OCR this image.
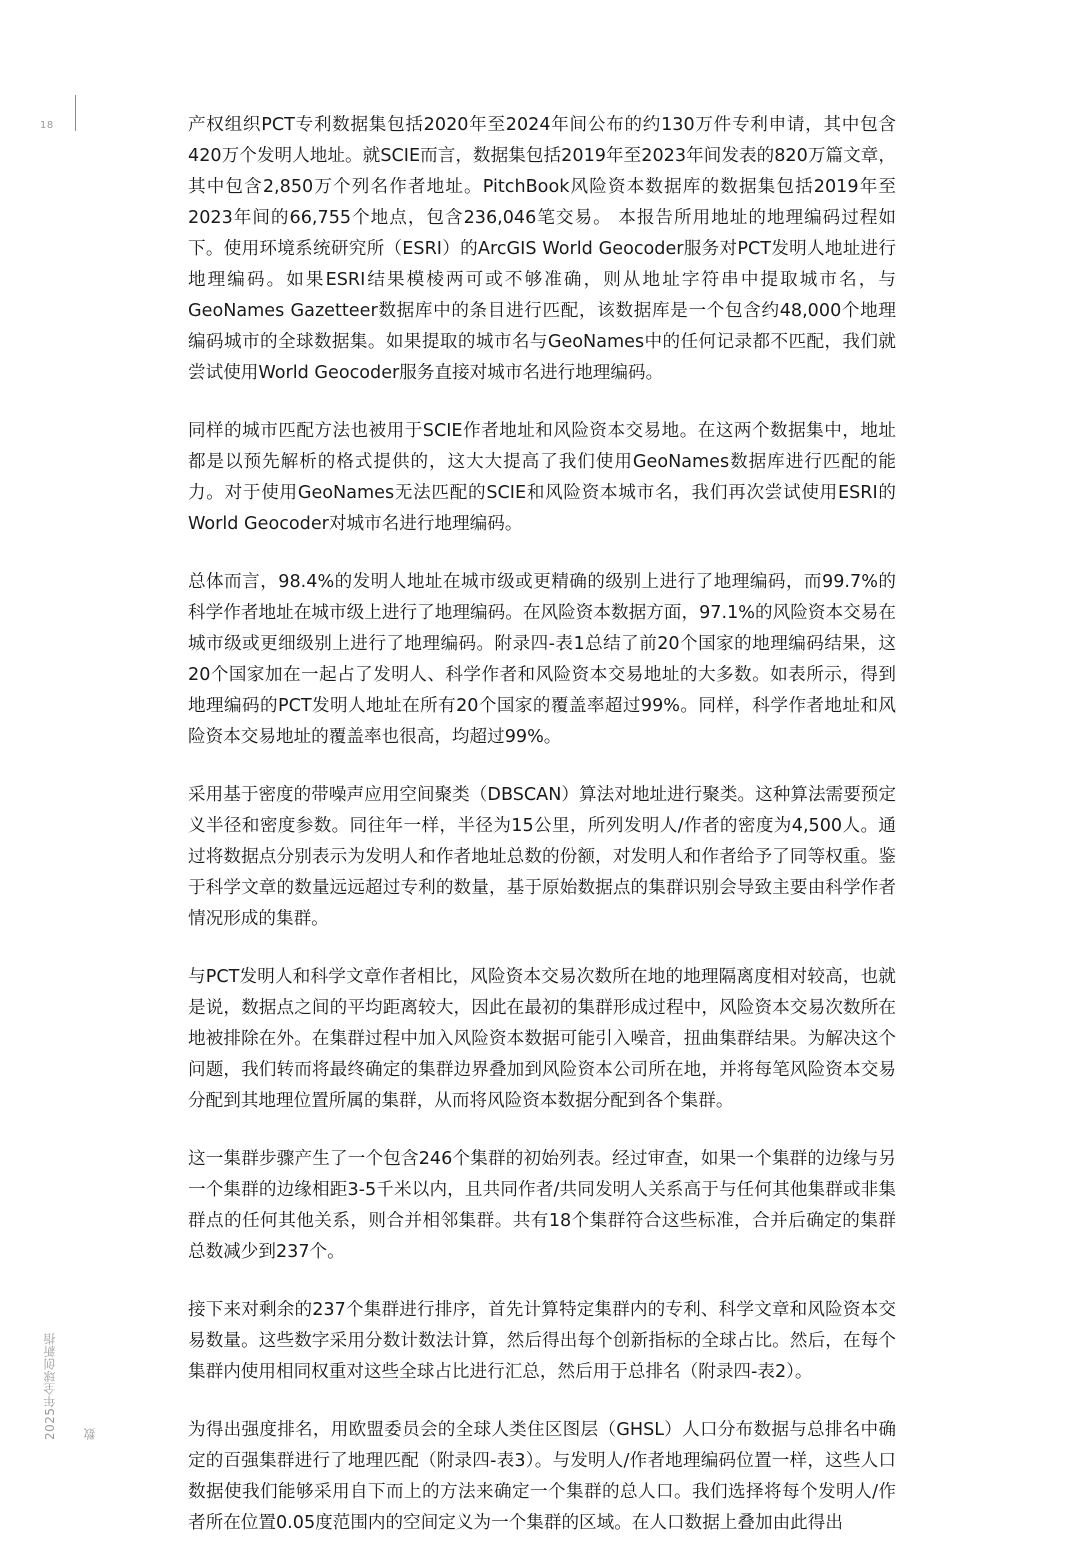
18
2025年全球创新指数

产权组织PCT专利数据集包括2020年至2024年间公布的约130万件专利申请，其中包含420万个发明人地址。就SCIE而言，数据集包括2019年至2023年间发表的820万篇文章，其中包含2,850万个列名作者地址。PitchBook风险资本数据库的数据集包括2019年至2023年间的66,755个地点，包含236,046笔交易。 本报告所用地址的地理编码过程如下。使用环境系统研究所（ESRI）的ArcGIS World Geocoder服务对PCT发明人地址进行地理编码。如果ESRI结果模棱两可或不够准确，则从地址字符串中提取城市名，与GeoNames Gazetteer数据库中的条目进行匹配，该数据库是一个包含约48,000个地理编码城市的全球数据集。如果提取的城市名与GeoNames中的任何记录都不匹配，我们就尝试使用World Geocoder服务直接对城市名进行地理编码。

同样的城市匹配方法也被用于SCIE作者地址和风险资本交易地。在这两个数据集中，地址都是以预先解析的格式提供的，这大大提高了我们使用GeoNames数据库进行匹配的能力。对于使用GeoNames无法匹配的SCIE和风险资本城市名，我们再次尝试使用ESRI的World Geocoder对城市名进行地理编码。

总体而言，98.4%的发明人地址在城市级或更精确的级别上进行了地理编码，而99.7%的科学作者地址在城市级上进行了地理编码。在风险资本数据方面，97.1%的风险资本交易在城市级或更细级别上进行了地理编码。附录四-表1总结了前20个国家的地理编码结果，这20个国家加在一起占了发明人、科学作者和风险资本交易地址的大多数。如表所示，得到地理编码的PCT发明人地址在所有20个国家的覆盖率超过99%。同样，科学作者地址和风险资本交易地址的覆盖率也很高，均超过99%。

采用基于密度的带噪声应用空间聚类（DBSCAN）算法对地址进行聚类。这种算法需要预定义半径和密度参数。同往年一样，半径为15公里，所列发明人/作者的密度为4,500人。通过将数据点分别表示为发明人和作者地址总数的份额，对发明人和作者给予了同等权重。鉴于科学文章的数量远远超过专利的数量，基于原始数据点的集群识别会导致主要由科学作者情况形成的集群。

与PCT发明人和科学文章作者相比，风险资本交易次数所在地的地理隔离度相对较高，也就是说，数据点之间的平均距离较大，因此在最初的集群形成过程中，风险资本交易次数所在地被排除在外。在集群过程中加入风险资本数据可能引入噪音，扭曲集群结果。为解决这个问题，我们转而将最终确定的集群边界叠加到风险资本公司所在地，并将每笔风险资本交易分配到其地理位置所属的集群，从而将风险资本数据分配到各个集群。

这一集群步骤产生了一个包含246个集群的初始列表。经过审查，如果一个集群的边缘与另一个集群的边缘相距3-5千米以内，且共同作者/共同发明人关系高于与任何其他集群或非集群点的任何其他关系，则合并相邻集群。共有18个集群符合这些标准，合并后确定的集群总数减少到237个。

接下来对剩余的237个集群进行排序，首先计算特定集群内的专利、科学文章和风险资本交易数量。这些数字采用分数计数法计算，然后得出每个创新指标的全球占比。然后，在每个集群内使用相同权重对这些全球占比进行汇总，然后用于总排名（附录四-表2）。

为得出强度排名，用欧盟委员会的全球人类住区图层（GHSL）人口分布数据与总排名中确定的百强集群进行了地理匹配（附录四-表3）。与发明人/作者地理编码位置一样，这些人口数据使我们能够采用自下而上的方法来确定一个集群的总人口。我们选择将每个发明人/作者所在位置0.05度范围内的空间定义为一个集群的区域。在人口数据上叠加由此得出
